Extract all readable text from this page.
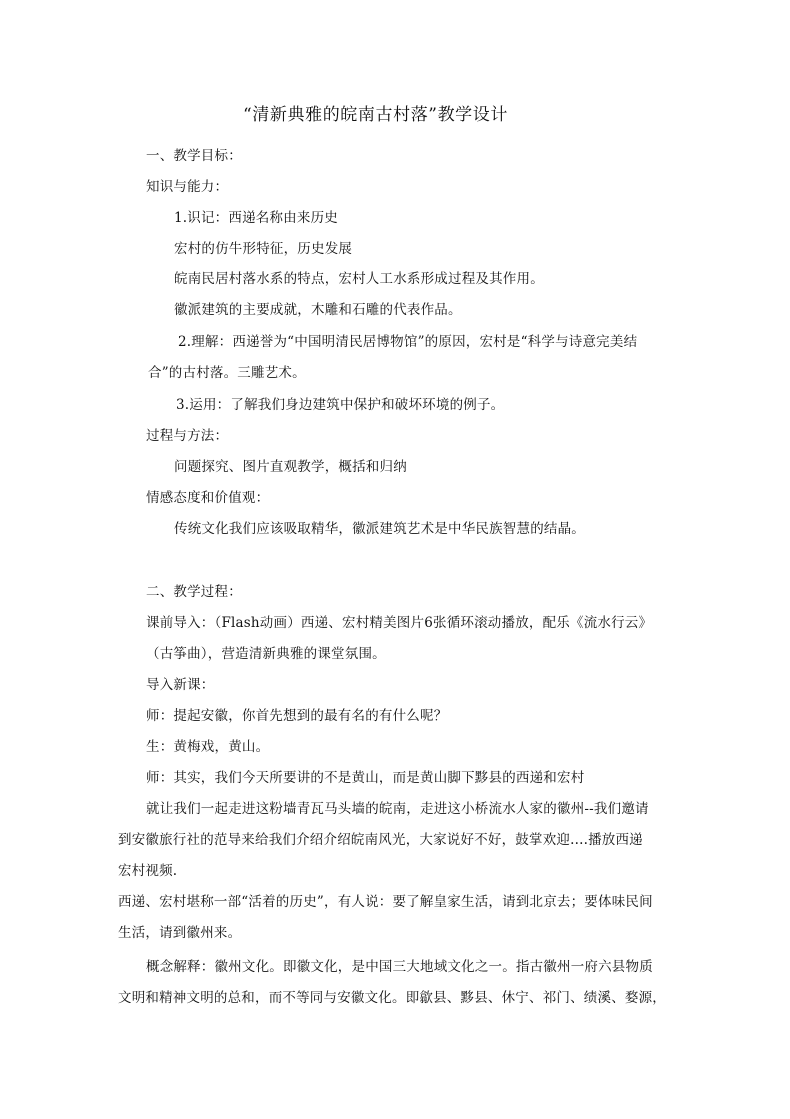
“清新典雅的皖南古村落”教学设计
一、教学目标：
知识与能力：
1.识记：西递名称由来历史
宏村的仿牛形特征，历史发展
皖南民居村落水系的特点，宏村人工水系形成过程及其作用。
徽派建筑的主要成就，木雕和石雕的代表作品。
2.理解：西递誉为“中国明清民居博物馆”的原因，宏村是“科学与诗意完美结
合”的古村落。三雕艺术。
3.运用：了解我们身边建筑中保护和破坏环境的例子。
过程与方法：
问题探究、图片直观教学，概括和归纳
情感态度和价值观：
传统文化我们应该吸取精华，徽派建筑艺术是中华民族智慧的结晶。
二、教学过程：
课前导入：（Flash动画）西递、宏村精美图片6张循环滚动播放，配乐《流水行云》
（古筝曲），营造清新典雅的课堂氛围。
导入新课：
师：提起安徽，你首先想到的最有名的有什么呢？
生：黄梅戏，黄山。
师：其实，我们今天所要讲的不是黄山，而是黄山脚下黟县的西递和宏村
就让我们一起走进这粉墙青瓦马头墙的皖南，走进这小桥流水人家的徽州--我们邀请
到安徽旅行社的范导来给我们介绍介绍皖南风光，大家说好不好，鼓掌欢迎....播放西递
宏村视频.
西递、宏村堪称一部“活着的历史”，有人说：要了解皇家生活，请到北京去；要体味民间
生活，请到徽州来。
概念解释：徽州文化。即徽文化，是中国三大地域文化之一。指古徽州一府六县物质
文明和精神文明的总和，而不等同与安徽文化。即歙县、黟县、休宁、祁门、绩溪、婺源，
